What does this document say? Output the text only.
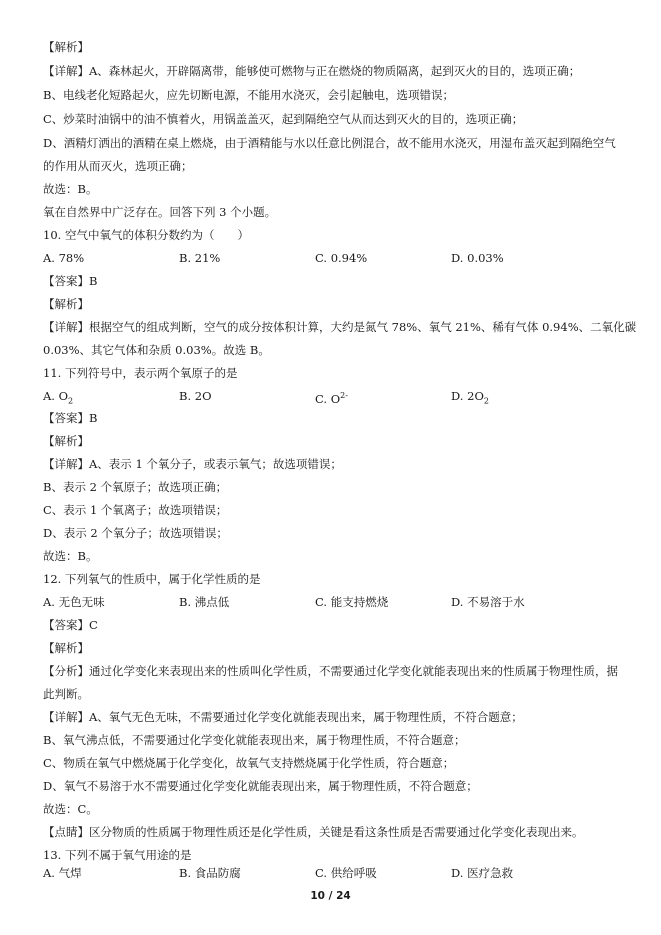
【解析】
【详解】A、森林起火，开辟隔离带，能够使可燃物与正在燃烧的物质隔离，起到灭火的目的，选项正确；
B、电线老化短路起火，应先切断电源，不能用水浇灭，会引起触电，选项错误；
C、炒菜时油锅中的油不慎着火，用锅盖盖灭，起到隔绝空气从而达到灭火的目的，选项正确；
D、酒精灯洒出的酒精在桌上燃烧，由于酒精能与水以任意比例混合，故不能用水浇灭，用湿布盖灭起到隔绝空气
的作用从而灭火，选项正确；
故选：B。
氧在自然界中广泛存在。回答下列 3 个小题。
10. 空气中氧气的体积分数约为（　　）
A. 78%	B. 21%	C. 0.94%	D. 0.03%
【答案】B
【解析】
【详解】根据空气的组成判断，空气的成分按体积计算，大约是氮气 78%、氧气 21%、稀有气体 0.94%、二氧化碳
0.03%、其它气体和杂质 0.03%。故选 B。
11. 下列符号中，表示两个氧原子的是
A. $O_2$	B. 2O	C. $O^{2-}$	D. $2O_2$
【答案】B
【解析】
【详解】A、表示 1 个氧分子，或表示氧气；故选项错误；
B、表示 2 个氧原子；故选项正确；
C、表示 1 个氧离子；故选项错误；
D、表示 2 个氧分子；故选项错误；
故选：B。
12. 下列氧气的性质中，属于化学性质的是
A. 无色无味	B. 沸点低	C. 能支持燃烧	D. 不易溶于水
【答案】C
【解析】
【分析】通过化学变化来表现出来的性质叫化学性质，不需要通过化学变化就能表现出来的性质属于物理性质，据
此判断。
【详解】A、氧气无色无味，不需要通过化学变化就能表现出来，属于物理性质，不符合题意；
B、氧气沸点低，不需要通过化学变化就能表现出来，属于物理性质，不符合题意；
C、物质在氧气中燃烧属于化学变化，故氧气支持燃烧属于化学性质，符合题意；
D、氧气不易溶于水不需要通过化学变化就能表现出来，属于物理性质，不符合题意；
故选：C。
【点睛】区分物质的性质属于物理性质还是化学性质，关键是看这条性质是否需要通过化学变化表现出来。
13. 下列不属于氧气用途的是
A. 气焊	B. 食品防腐	C. 供给呼吸	D. 医疗急救
10 / 24
